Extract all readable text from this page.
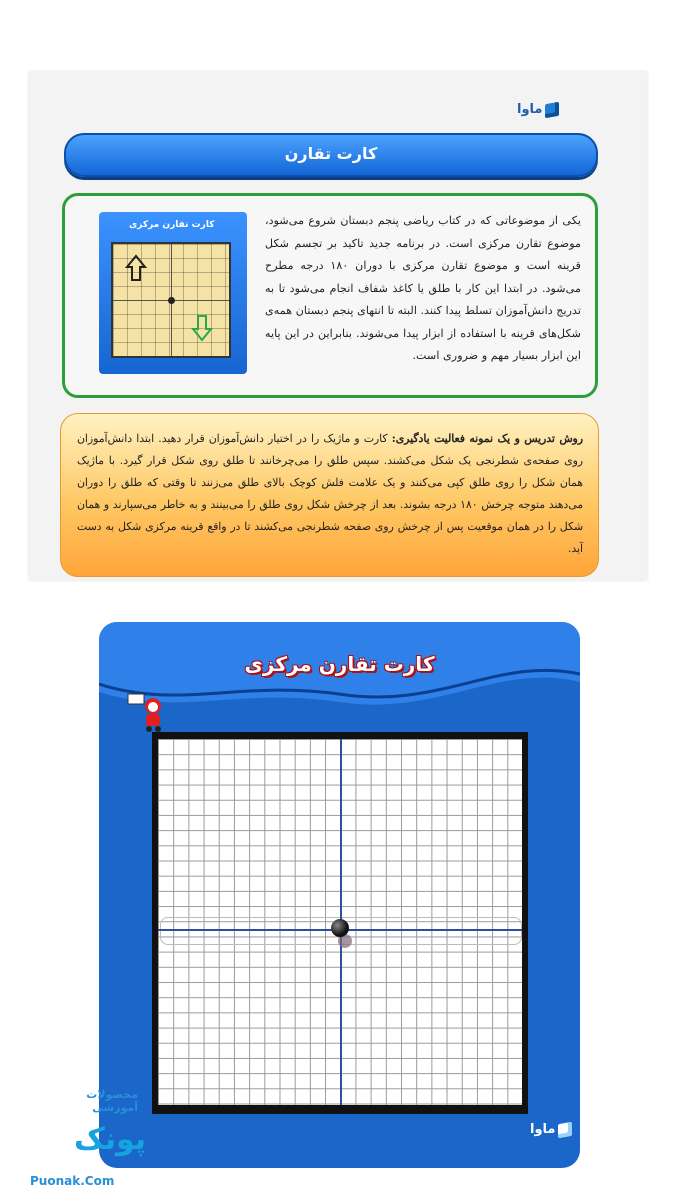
ماوا
کارت تقارن
کارت تقارن مرکزی	یکی از موضوعاتی که در کتاب ریاضی پنجم دبستان شروع می‌شود، موضوع تقارن مرکزی است. در برنامه جدید تاکید بر تجسم شکل قرینه است و موضوع تقارن مرکزی با دوران ۱۸۰ درجه مطرح می‌شود. در ابتدا این کار با طلق یا کاغذ شفاف انجام می‌شود تا به تدریج دانش‌آموزان تسلط پیدا کنند. البته تا انتهای پنجم دبستان همه‌ی شکل‌های قرینه با استفاده از ابزار پیدا می‌شوند. بنابراین در این پایه این ابزار بسیار مهم و ضروری است.
روش تدریس و یک نمونه فعالیت یادگیری: کارت و ماژیک را در اختیار دانش‌آموزان قرار دهید. ابتدا دانش‌آموزان روی صفحه‌ی شطرنجی یک شکل می‌کشند. سپس طلق را می‌چرخانند تا طلق روی شکل قرار گیرد. با ماژیک همان شکل را روی طلق کپی می‌کنند و یک علامت فلش کوچک بالای طلق می‌زنند تا وقتی که طلق را دوران می‌دهند متوجه چرخش ۱۸۰ درجه بشوند. بعد از چرخش شکل روی طلق را می‌بینند و به خاطر می‌سپارند و همان شکل را در همان موقعیت پس از چرخش روی صفحه شطرنجی می‌کشند تا در واقع قرینه مرکزی شکل به دست آید.
کارت تقارن مرکزی
ماوا
محصولات آموزشی
پونک
Puonak.Com
